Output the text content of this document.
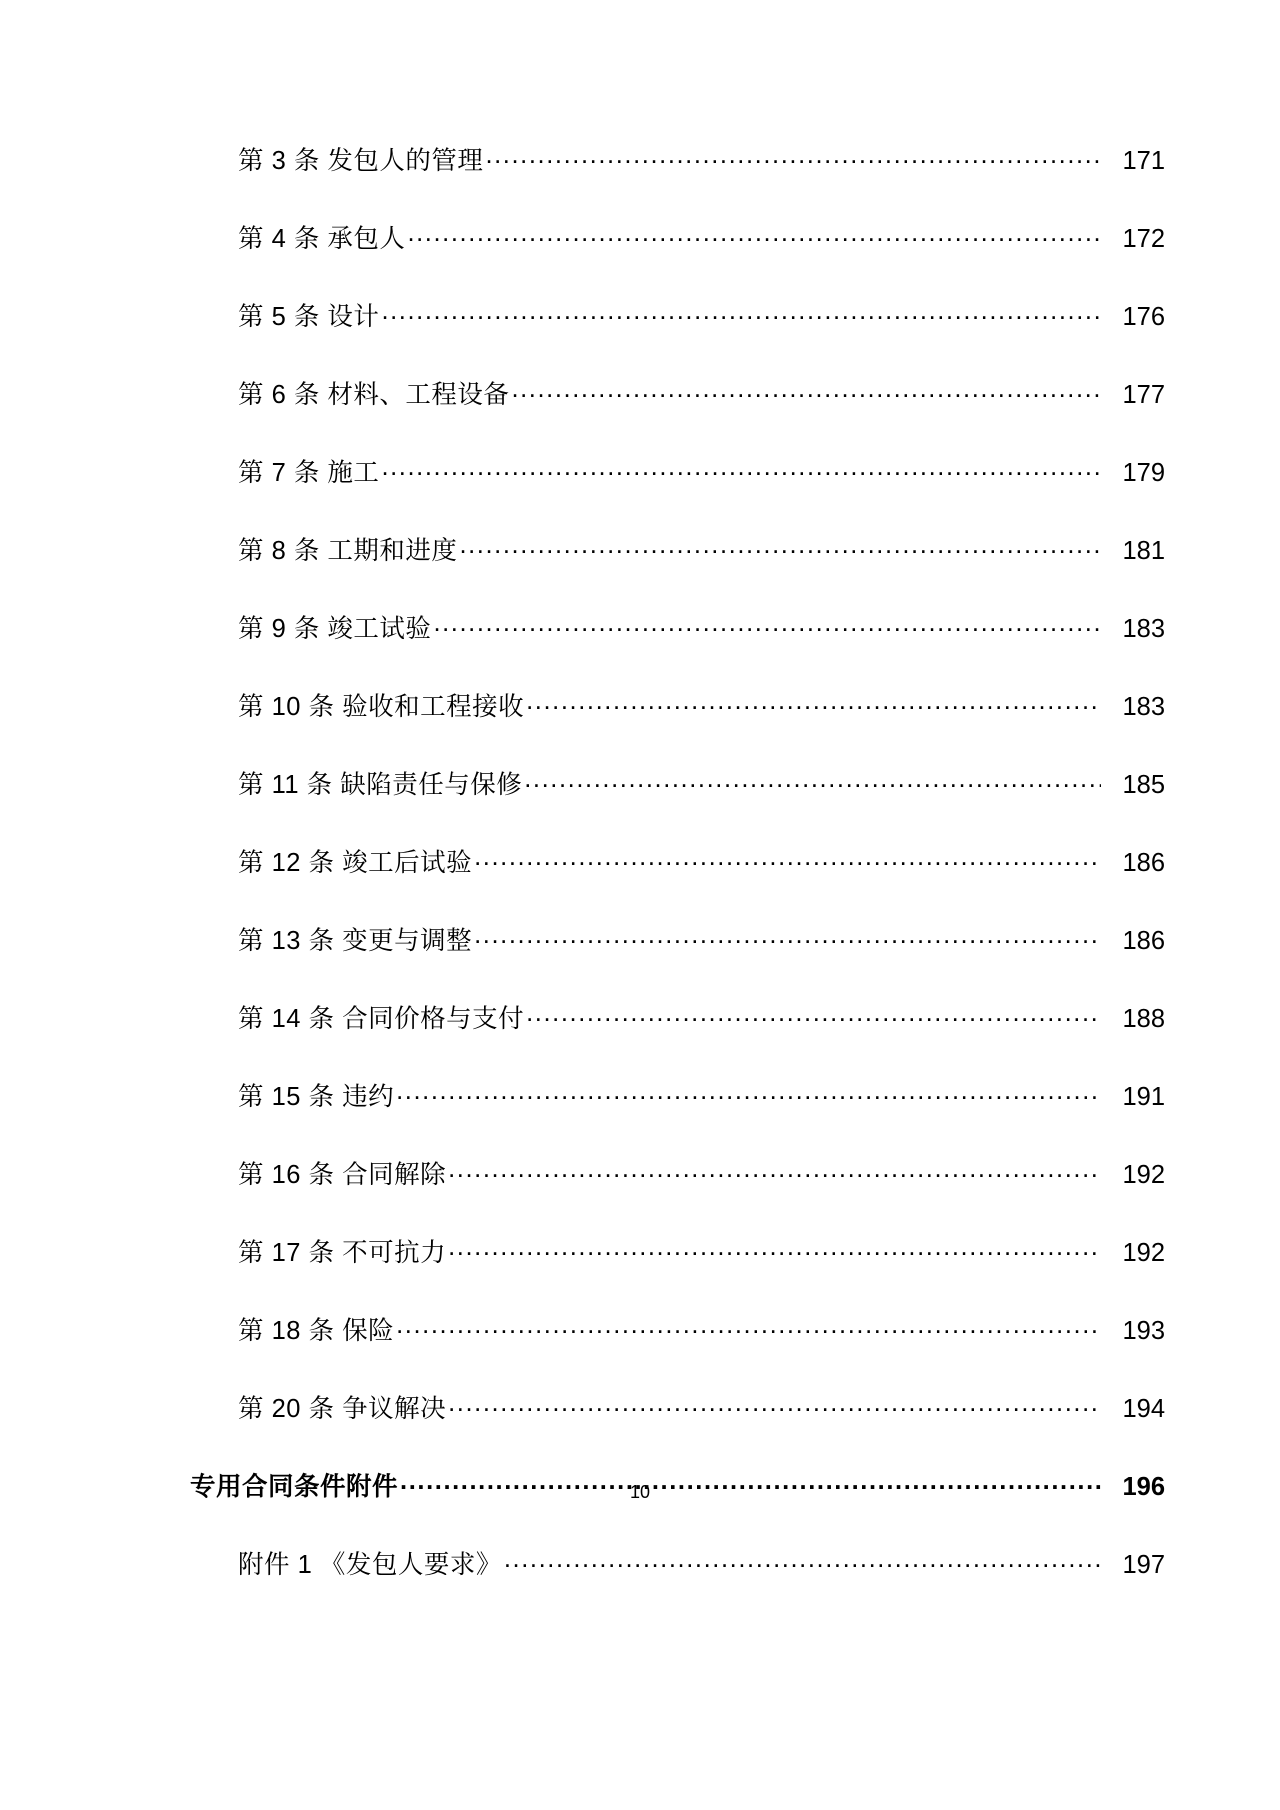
第 3 条 发包人的管理 .....	171
第 4 条 承包人 .....	172
第 5 条 设计 .....	176
第 6 条 材料、工程设备 .....	177
第 7 条 施工 .....	179
第 8 条 工期和进度 .....	181
第 9 条 竣工试验 .....	183
第 10 条 验收和工程接收 .....	183
第 11 条 缺陷责任与保修 .....	185
第 12 条 竣工后试验 .....	186
第 13 条 变更与调整 .....	186
第 14 条 合同价格与支付 .....	188
第 15 条 违约 .....	191
第 16 条 合同解除 .....	192
第 17 条 不可抗力 .....	192
第 18 条 保险 .....	193
第 20 条 争议解决 .....	194
专用合同条件附件 .....	196
附件 1 《发包人要求》 .....	197
10
